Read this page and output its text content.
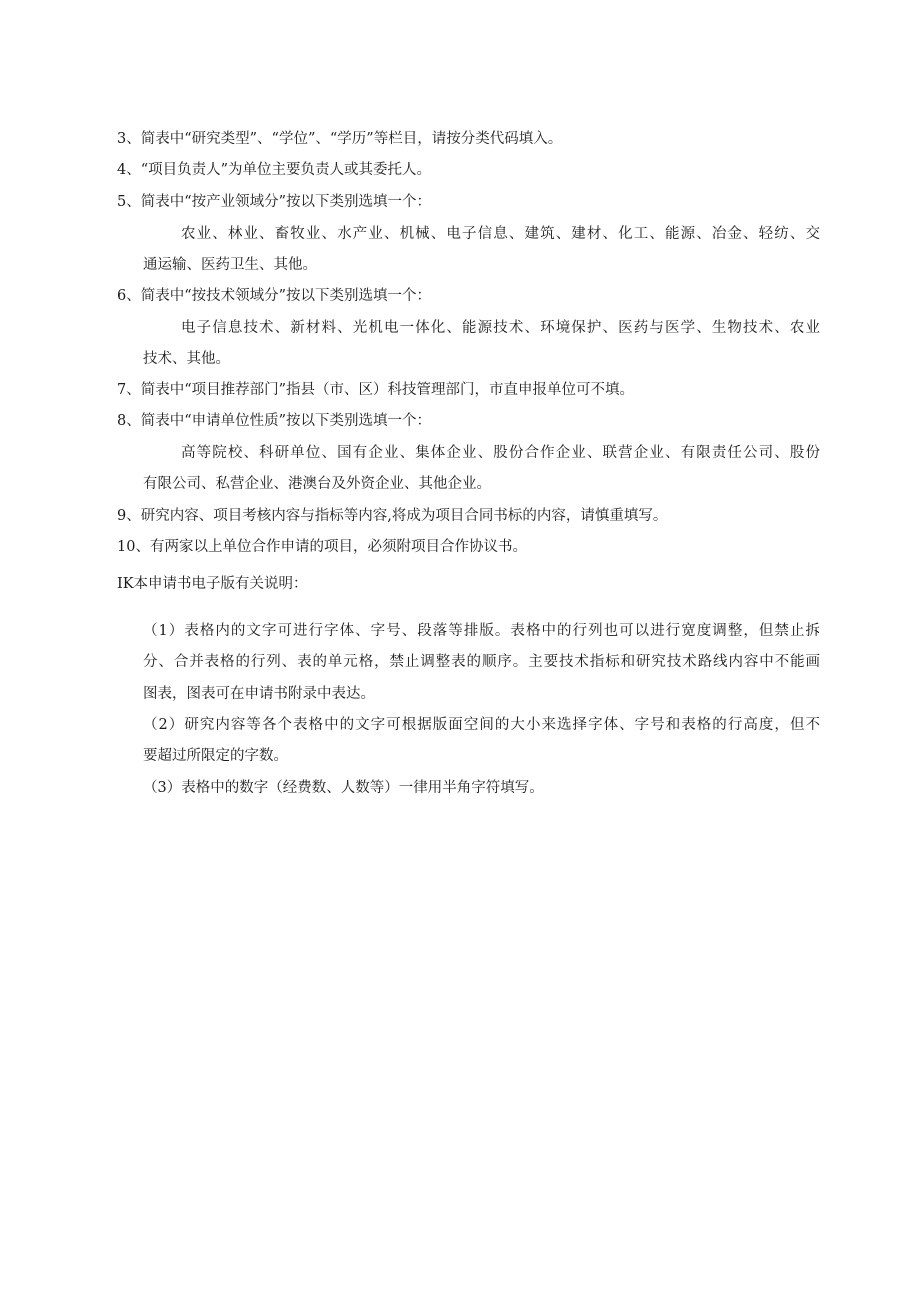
3、简表中“研究类型”、“学位”、“学历”等栏目，请按分类代码填入。
4、“项目负责人”为单位主要负责人或其委托人。
5、简表中“按产业领域分”按以下类别选填一个：
农业、林业、畜牧业、水产业、机械、电子信息、建筑、建材、化工、能源、冶金、轻纺、交
通运输、医药卫生、其他。
6、简表中“按技术领域分”按以下类别选填一个：
电子信息技术、新材料、光机电一体化、能源技术、环境保护、医药与医学、生物技术、农业
技术、其他。
7、简表中“项目推荐部门”指县（市、区）科技管理部门，市直申报单位可不填。
8、简表中“申请单位性质”按以下类别选填一个：
高等院校、科研单位、国有企业、集体企业、股份合作企业、联营企业、有限责任公司、股份
有限公司、私营企业、港澳台及外资企业、其他企业。
9、研究内容、项目考核内容与指标等内容,将成为项目合同书标的内容，请慎重填写。
10、有两家以上单位合作申请的项目，必须附项目合作协议书。
IK本申请书电子版有关说明：
（1）表格内的文字可进行字体、字号、段落等排版。表格中的行列也可以进行宽度调整，但禁止拆
分、合并表格的行列、表的单元格，禁止调整表的顺序。主要技术指标和研究技术路线内容中不能画
图表，图表可在申请书附录中表达。
（2）研究内容等各个表格中的文字可根据版面空间的大小来选择字体、字号和表格的行高度，但不
要超过所限定的字数。
（3）表格中的数字（经费数、人数等）一律用半角字符填写。
